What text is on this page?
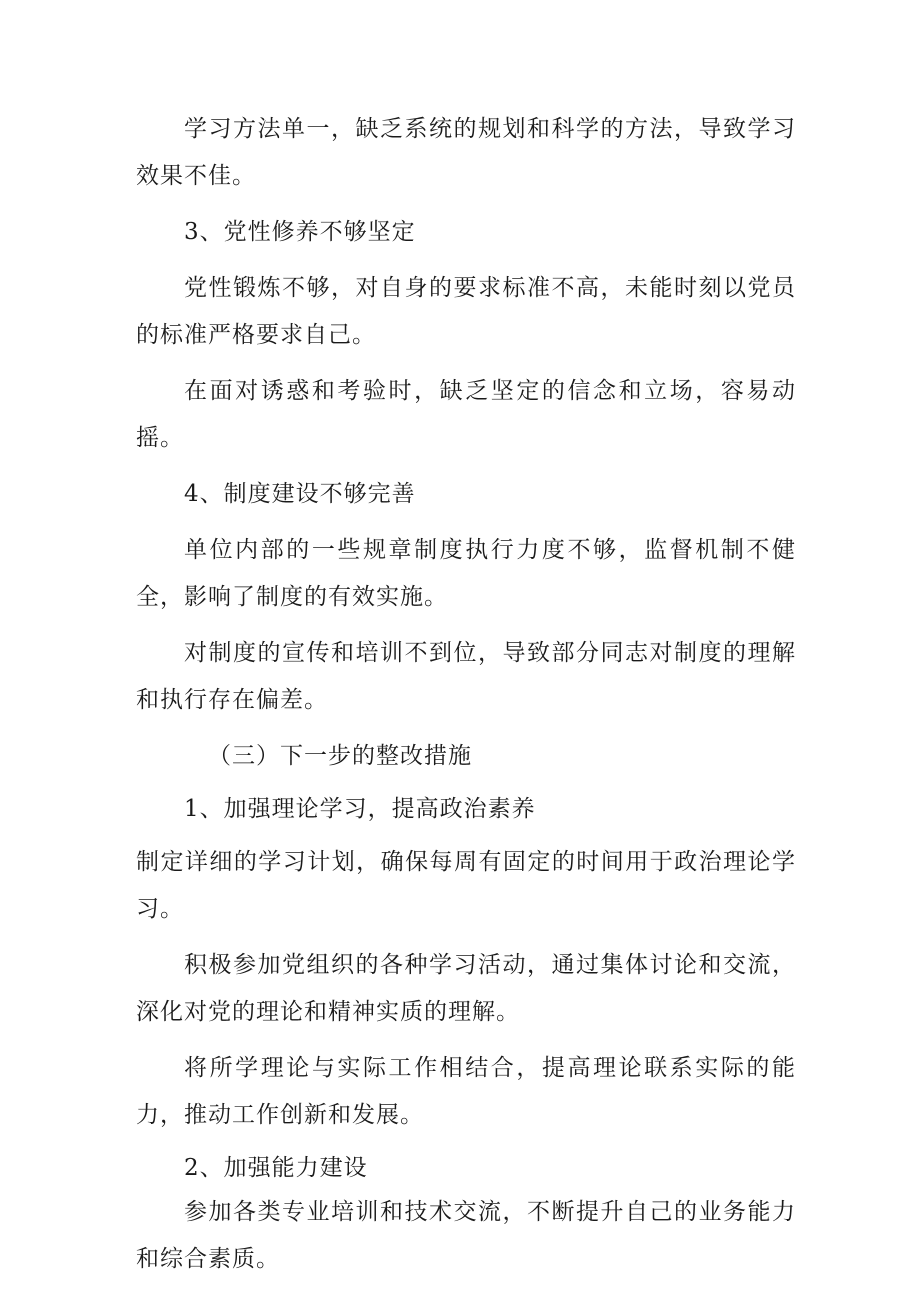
学习方法单一，缺乏系统的规划和科学的方法，导致学习效果不佳。

3、党性修养不够坚定

党性锻炼不够，对自身的要求标准不高，未能时刻以党员的标准严格要求自己。

在面对诱惑和考验时，缺乏坚定的信念和立场，容易动摇。

4、制度建设不够完善

单位内部的一些规章制度执行力度不够，监督机制不健全，影响了制度的有效实施。

对制度的宣传和培训不到位，导致部分同志对制度的理解和执行存在偏差。

（三）下一步的整改措施

1、加强理论学习，提高政治素养

制定详细的学习计划，确保每周有固定的时间用于政治理论学习。

积极参加党组织的各种学习活动，通过集体讨论和交流，深化对党的理论和精神实质的理解。

将所学理论与实际工作相结合，提高理论联系实际的能力，推动工作创新和发展。

2、加强能力建设

参加各类专业培训和技术交流，不断提升自己的业务能力和综合素质。
